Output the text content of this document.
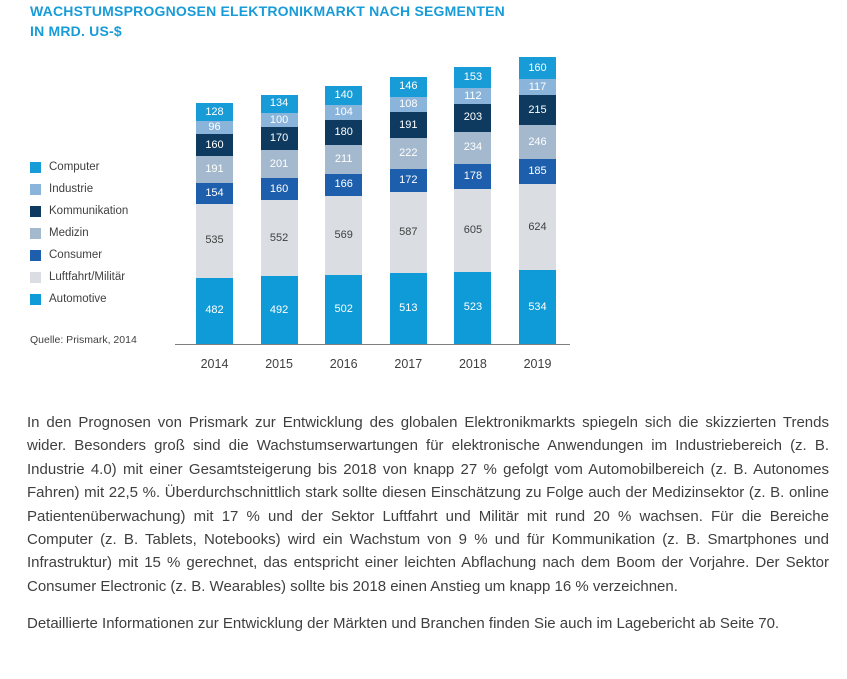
WACHSTUMSPROGNOSEN ELEKTRONIKMARKT NACH SEGMENTEN
IN MRD. US-$
Computer
Industrie
Kommunikation
Medizin
Consumer
Luftfahrt/Militär
Automotive
Quelle: Prismark, 2014
128
96
160
191
154
535
482
2014
134
100
170
201
160
552
492
2015
140
104
180
211
166
569
502
2016
146
108
191
222
172
587
513
2017
153
112
203
234
178
605
523
2018
160
117
215
246
185
624
534
2019

In den Prognosen von Prismark zur Entwicklung des globalen Elektronikmarkts spiegeln sich die skizzierten Trends wider. Besonders groß sind die Wachstumserwartungen für elektronische Anwendungen im Industriebereich (z. B. Industrie 4.0) mit einer Gesamtsteigerung bis 2018 von knapp 27 % gefolgt vom Automobilbereich (z. B. Autonomes Fahren) mit 22,5 %. Überdurchschnittlich stark sollte diesen Einschätzung zu Folge auch der Medizinsektor (z. B. online Patientenüberwachung) mit 17 % und der Sektor Luftfahrt und Militär mit rund 20 % wachsen. Für die Bereiche Computer (z. B. Tablets, Notebooks) wird ein Wachstum von 9 % und für Kommunikation (z. B. Smartphones und Infrastruktur) mit 15 % gerechnet, das entspricht einer leichten Abflachung nach dem Boom der Vorjahre. Der Sektor Consumer Electronic (z. B. Wearables) sollte bis 2018 einen Anstieg um knapp 16 % verzeichnen.

Detaillierte Informationen zur Entwicklung der Märkten und Branchen finden Sie auch im Lagebericht ab Seite 70.
